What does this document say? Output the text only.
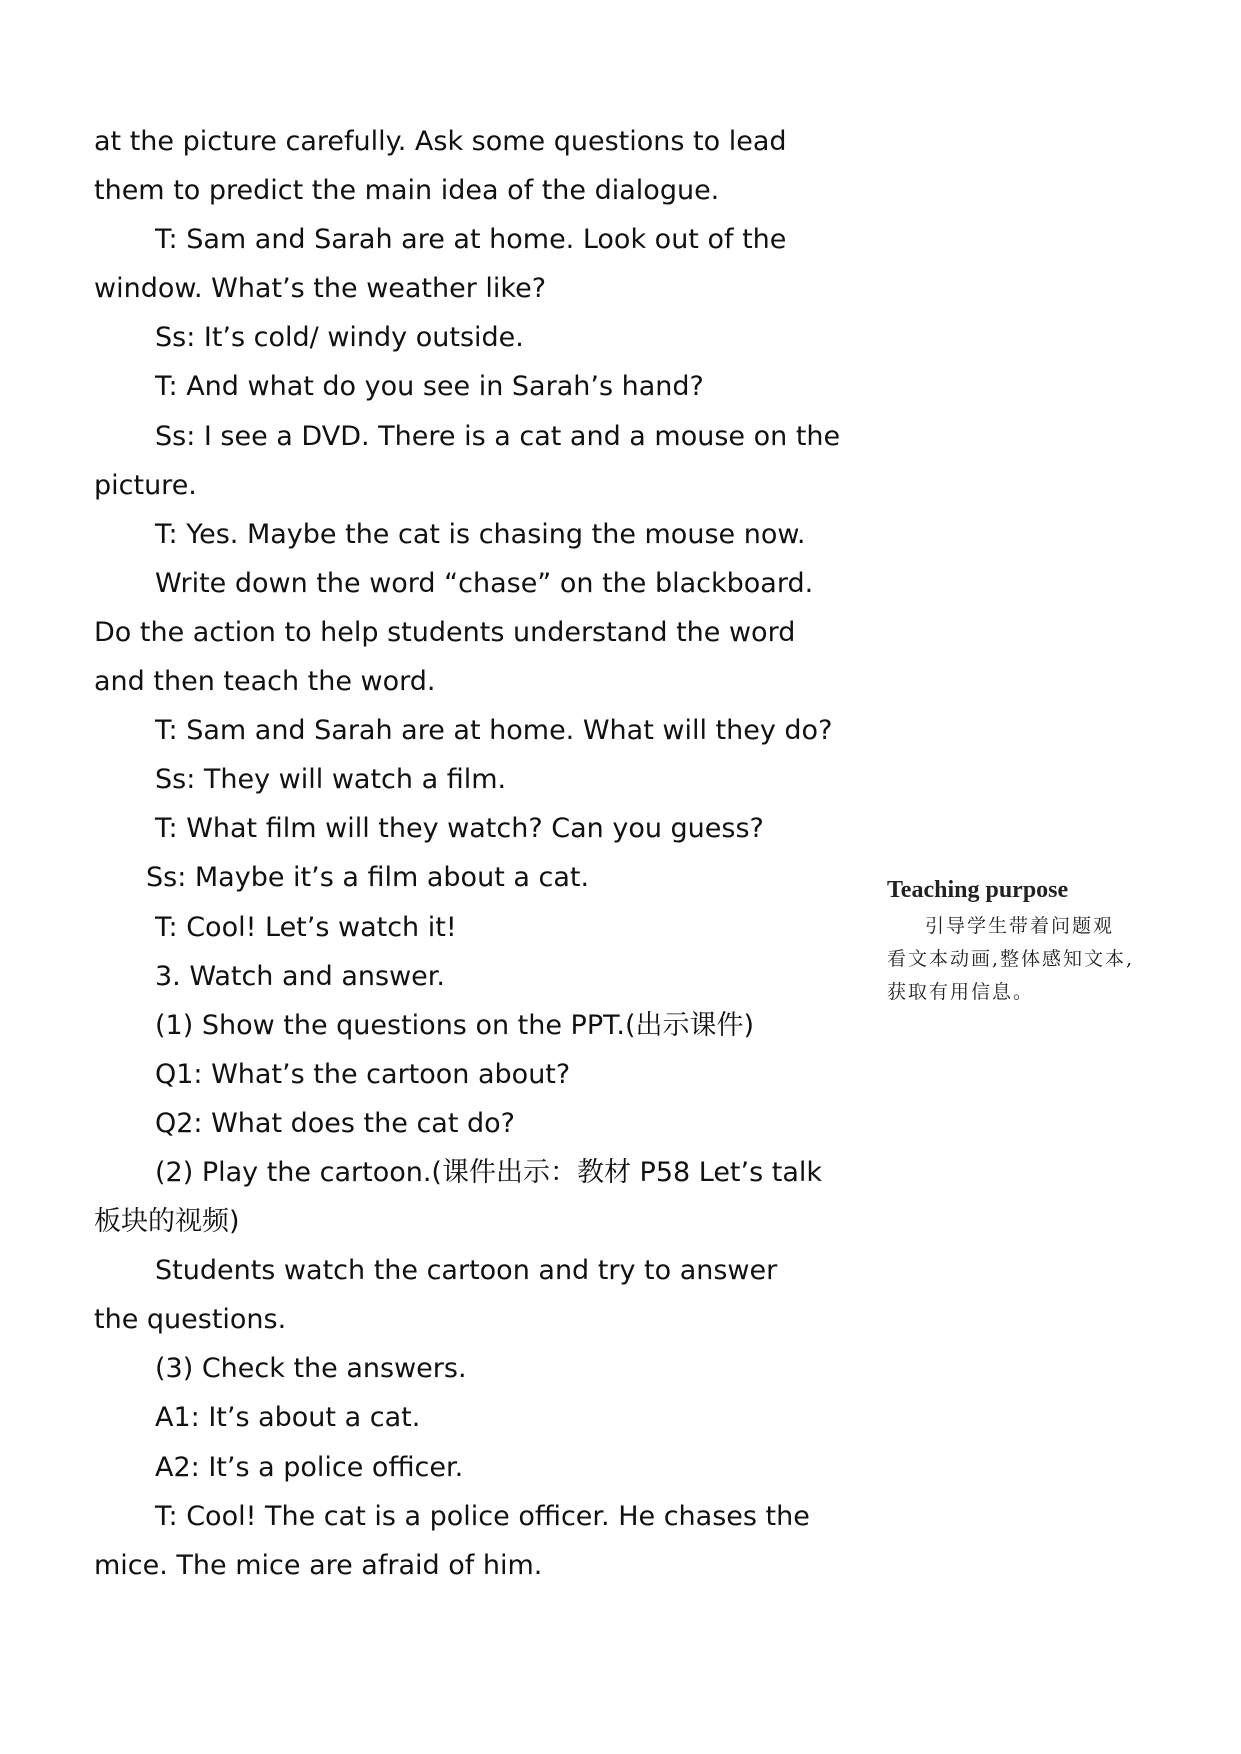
at the picture carefully. Ask some questions to lead
them to predict the main idea of the dialogue.
T: Sam and Sarah are at home. Look out of the
window. What’s the weather like?
Ss: It’s cold/ windy outside.
T: And what do you see in Sarah’s hand?
Ss: I see a DVD. There is a cat and a mouse on the
picture.
T: Yes. Maybe the cat is chasing the mouse now.
Write down the word “chase” on the blackboard.
Do the action to help students understand the word
and then teach the word.
T: Sam and Sarah are at home. What will they do?
Ss: They will watch a film.
T: What film will they watch? Can you guess?
Ss: Maybe it’s a film about a cat.
T: Cool! Let’s watch it!
3. Watch and answer.
(1) Show the questions on the PPT.(出示课件)
Q1: What’s the cartoon about?
Q2: What does the cat do?
(2) Play the cartoon.(课件出示：教材 P58 Let’s talk
板块的视频)
Students watch the cartoon and try to answer
the questions.
(3) Check the answers.
A1: It’s about a cat.
A2: It’s a police officer.
T: Cool! The cat is a police officer. He chases the
mice. The mice are afraid of him.
Teaching purpose
引导学生带着问题观
看文本动画,整体感知文本,
获取有用信息。
